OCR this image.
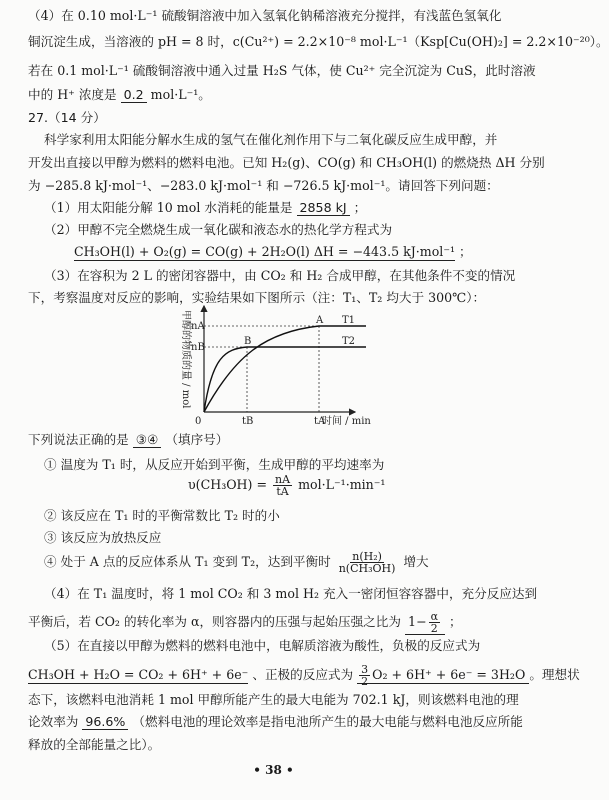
（4）在 0.10 mol·L⁻¹ 硫酸铜溶液中加入氢氧化钠稀溶液充分搅拌，有浅蓝色氢氧化
铜沉淀生成，当溶液的 pH = 8 时，c(Cu²⁺) = 2.2×10⁻⁸ mol·L⁻¹（Ksp[Cu(OH)₂] = 2.2×10⁻²⁰）。
若在 0.1 mol·L⁻¹ 硫酸铜溶液中通入过量 H₂S 气体，使 Cu²⁺ 完全沉淀为 CuS，此时溶液
中的 H⁺ 浓度是 0.2 mol·L⁻¹。
27.（14 分）
科学家利用太阳能分解水生成的氢气在催化剂作用下与二氧化碳反应生成甲醇，并
开发出直接以甲醇为燃料的燃料电池。已知 H₂(g)、CO(g) 和 CH₃OH(l) 的燃烧热 ΔH 分别
为 −285.8 kJ·mol⁻¹、−283.0 kJ·mol⁻¹ 和 −726.5 kJ·mol⁻¹。请回答下列问题：
（1）用太阳能分解 10 mol 水消耗的能量是 2858 kJ ；
（2）甲醇不完全燃烧生成一氧化碳和液态水的热化学方程式为
CH₃OH(l) + O₂(g) = CO(g) + 2H₂O(l) ΔH = −443.5 kJ·mol⁻¹ ；
（3）在容积为 2 L 的密闭容器中，由 CO₂ 和 H₂ 合成甲醇，在其他条件不变的情况
下，考察温度对反应的影响，实验结果如下图所示（注：T₁、T₂ 均大于 300℃）：
甲醇的物质的量 / mol
0	时间 / min
nA
nB
tB	tA
T1
T2
A
B
下列说法正确的是 ③④ （填序号）
① 温度为 T₁ 时，从反应开始到平衡，生成甲醇的平均速率为
$\upsilon(CH_3OH) = \frac{nA}{tA} mol\cdot L^{-1}\cdot\min^{-1}$
② 该反应在 T₁ 时的平衡常数比 T₂ 时的小
③ 该反应为放热反应
④ 处于 A 点的反应体系从 T₁ 变到 T₂，达到平衡时 $\frac{\text{n(H₂)}}{\text{n(CH₃OH)}}$ 增大
（4）在 T₁ 温度时，将 1 mol CO₂ 和 3 mol H₂ 充入一密闭恒容容器中，充分反应达到
平衡后，若 CO₂ 的转化率为 α，则容器内的压强与起始压强之比为 $1- \frac{\alpha}{2}$ ；
（5）在直接以甲醇为燃料的燃料电池中，电解质溶液为酸性，负极的反应式为
CH₃OH + H₂O = CO₂ + 6H⁺ + 6e⁻ 、正极的反应式为 $\frac{3}{2} O_2 + 6H^+ + 6e^- = 3H_2O$ 。理想状
态下，该燃料电池消耗 1 mol 甲醇所能产生的最大电能为 702.1 kJ，则该燃料电池的理
论效率为 96.6% （燃料电池的理论效率是指电池所产生的最大电能与燃料电池反应所能
释放的全部能量之比）。
• 38 •
